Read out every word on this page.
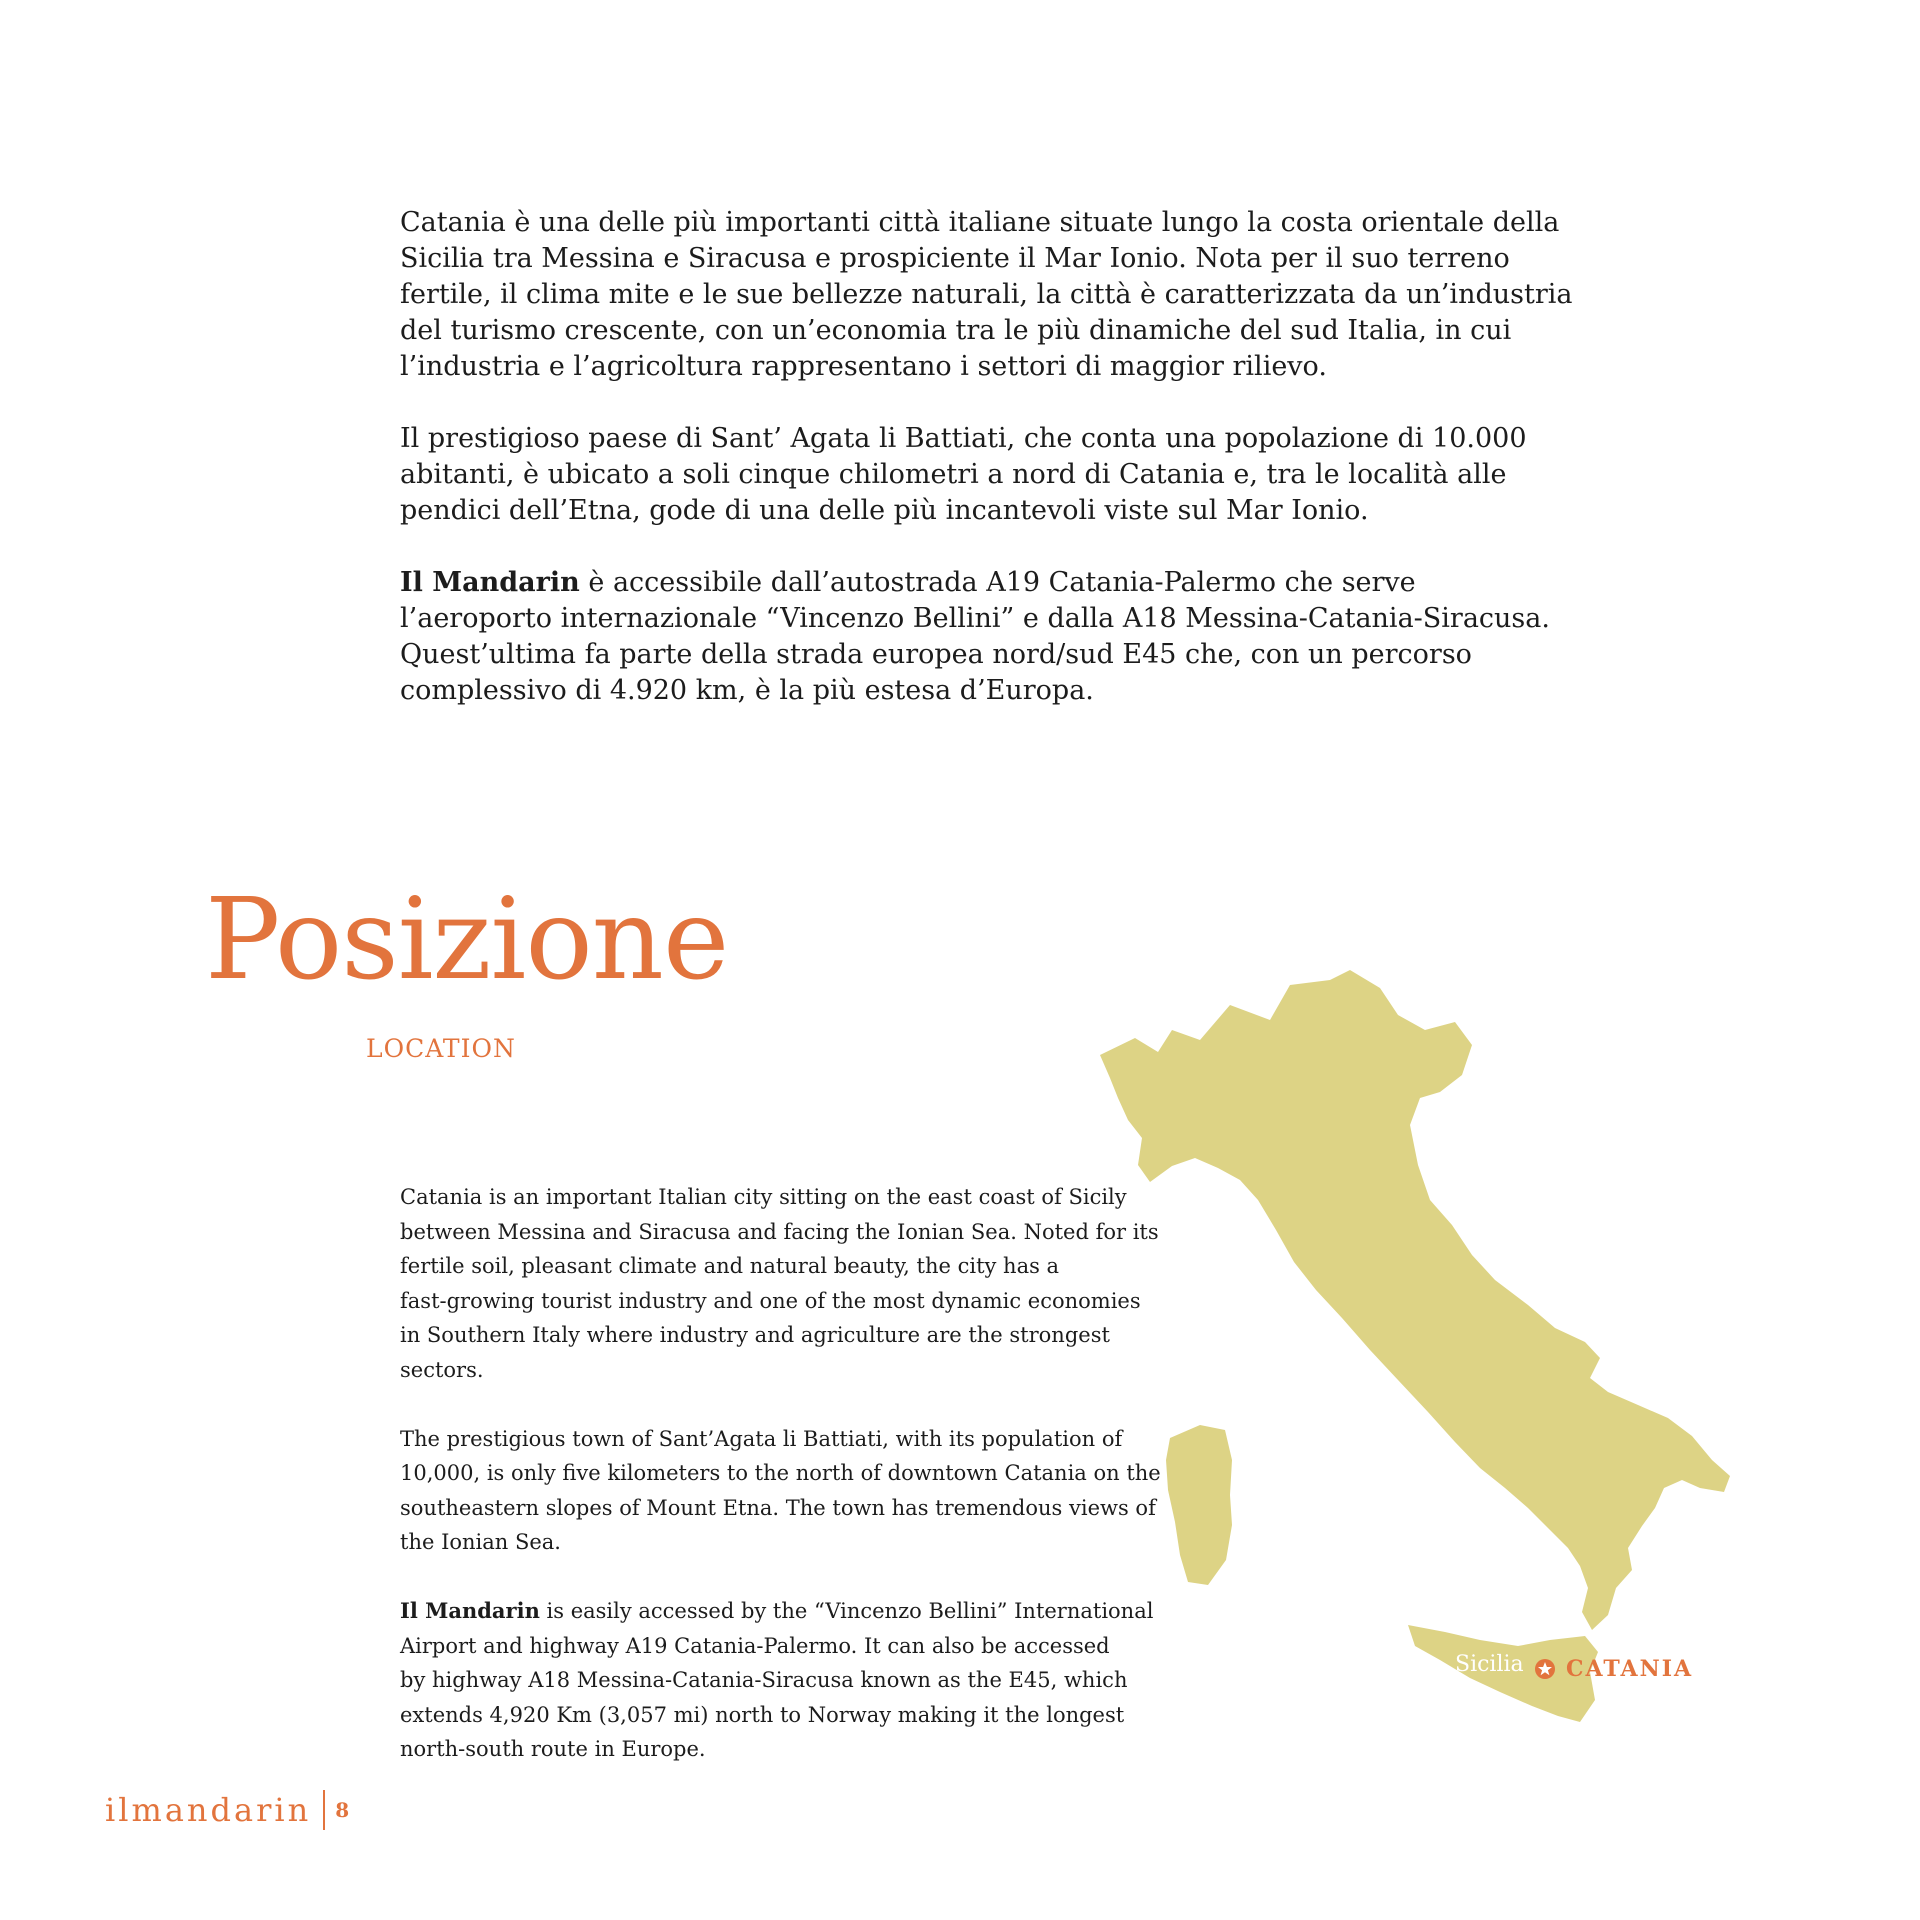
Catania è una delle più importanti città italiane situate lungo la costa orientale della
Sicilia tra Messina e Siracusa e prospiciente il Mar Ionio. Nota per il suo terreno
fertile, il clima mite e le sue bellezze naturali, la città è caratterizzata da un’industria
del turismo crescente, con un’economia tra le più dinamiche del sud Italia, in cui
l’industria e l’agricoltura rappresentano i settori di maggior rilievo.

Il prestigioso paese di Sant’ Agata li Battiati, che conta una popolazione di 10.000
abitanti, è ubicato a soli cinque chilometri a nord di Catania e, tra le località alle
pendici dell’Etna, gode di una delle più incantevoli viste sul Mar Ionio.

Il Mandarin è accessibile dall’autostrada A19 Catania-Palermo che serve
l’aeroporto internazionale “Vincenzo Bellini” e dalla A18 Messina-Catania-Siracusa.
Quest’ultima fa parte della strada europea nord/sud E45 che, con un percorso
complessivo di 4.920 km, è la più estesa d’Europa.

Posizione
LOCATION
Sicilia CATANIA

Catania is an important Italian city sitting on the east coast of Sicily
between Messina and Siracusa and facing the Ionian Sea. Noted for its
fertile soil, pleasant climate and natural beauty, the city has a
fast-growing tourist industry and one of the most dynamic economies
in Southern Italy where industry and agriculture are the strongest
sectors.

The prestigious town of Sant’Agata li Battiati, with its population of
10,000, is only five kilometers to the north of downtown Catania on the
southeastern slopes of Mount Etna. The town has tremendous views of
the Ionian Sea.

Il Mandarin is easily accessed by the “Vincenzo Bellini” International
Airport and highway A19 Catania-Palermo. It can also be accessed
by highway A18 Messina-Catania-Siracusa known as the E45, which
extends 4,920 Km (3,057 mi) north to Norway making it the longest
north-south route in Europe.

ilmandarin 8
